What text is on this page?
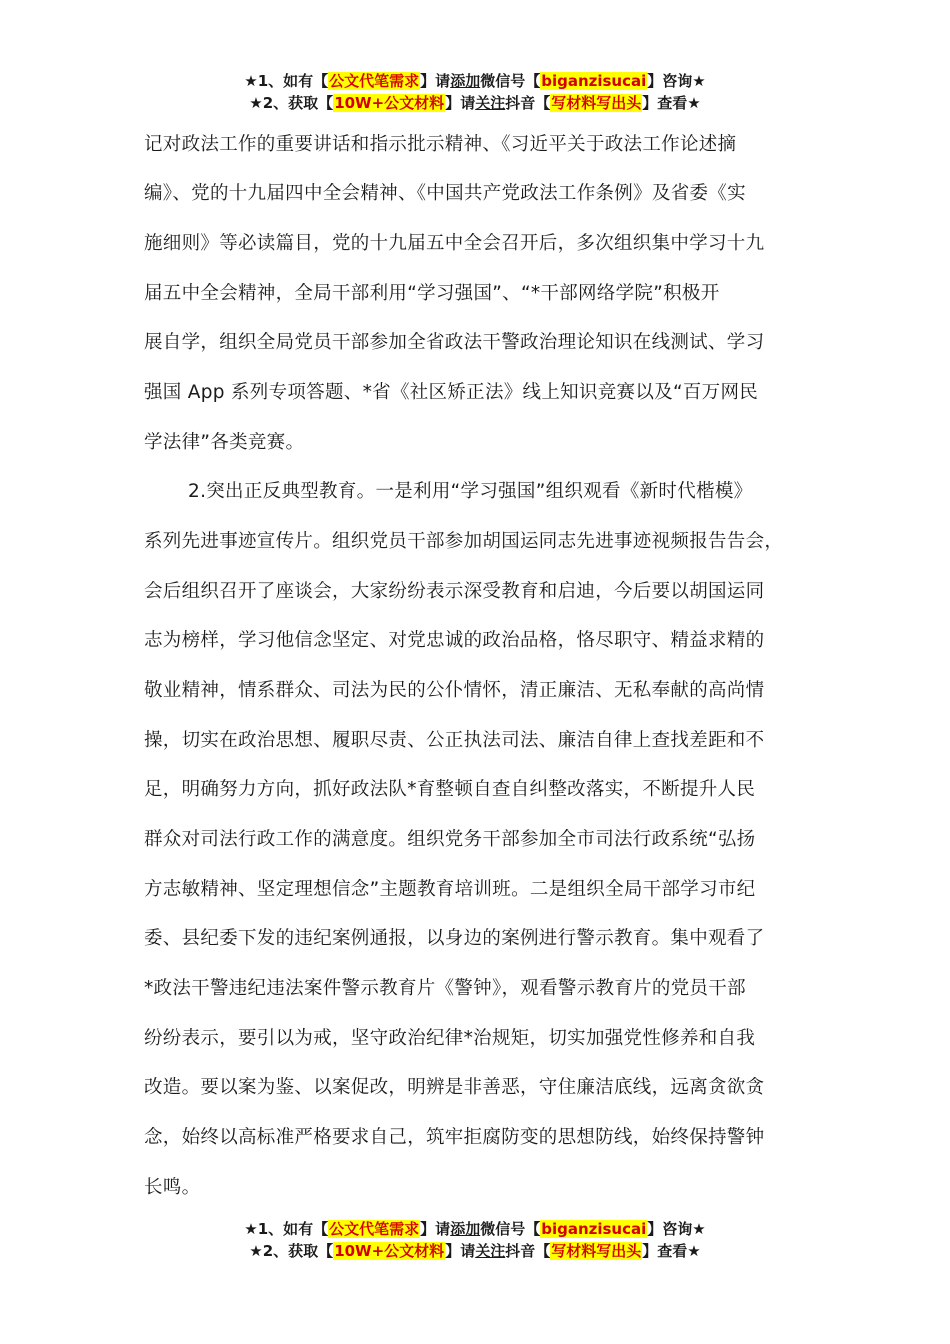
★1、如有【公文代笔需求】请添加微信号【biganzisucai】咨询★
★2、获取【10W+公文材料】请关注抖音【写材料写出头】查看★
记对政法工作的重要讲话和指示批示精神、《习近平关于政法工作论述摘
编》、党的十九届四中全会精神、《中国共产党政法工作条例》及省委《实
施细则》等必读篇目，党的十九届五中全会召开后，多次组织集中学习十九
届五中全会精神，全局干部利用“学习强国”、“*干部网络学院”积极开
展自学，组织全局党员干部参加全省政法干警政治理论知识在线测试、学习
强国 App 系列专项答题、*省《社区矫正法》线上知识竞赛以及“百万网民
学法律”各类竞赛。
2.突出正反典型教育。一是利用“学习强国”组织观看《新时代楷模》
系列先进事迹宣传片。组织党员干部参加胡国运同志先进事迹视频报告告会，
会后组织召开了座谈会，大家纷纷表示深受教育和启迪，今后要以胡国运同
志为榜样，学习他信念坚定、对党忠诚的政治品格，恪尽职守、精益求精的
敬业精神，情系群众、司法为民的公仆情怀，清正廉洁、无私奉献的高尚情
操，切实在政治思想、履职尽责、公正执法司法、廉洁自律上查找差距和不
足，明确努力方向，抓好政法队*育整顿自查自纠整改落实，不断提升人民
群众对司法行政工作的满意度。组织党务干部参加全市司法行政系统“弘扬
方志敏精神、坚定理想信念”主题教育培训班。二是组织全局干部学习市纪
委、县纪委下发的违纪案例通报，以身边的案例进行警示教育。集中观看了
*政法干警违纪违法案件警示教育片《警钟》，观看警示教育片的党员干部
纷纷表示，要引以为戒，坚守政治纪律*治规矩，切实加强党性修养和自我
改造。要以案为鉴、以案促改，明辨是非善恶，守住廉洁底线，远离贪欲贪
念，始终以高标准严格要求自己，筑牢拒腐防变的思想防线，始终保持警钟
长鸣。
★1、如有【公文代笔需求】请添加微信号【biganzisucai】咨询★
★2、获取【10W+公文材料】请关注抖音【写材料写出头】查看★
